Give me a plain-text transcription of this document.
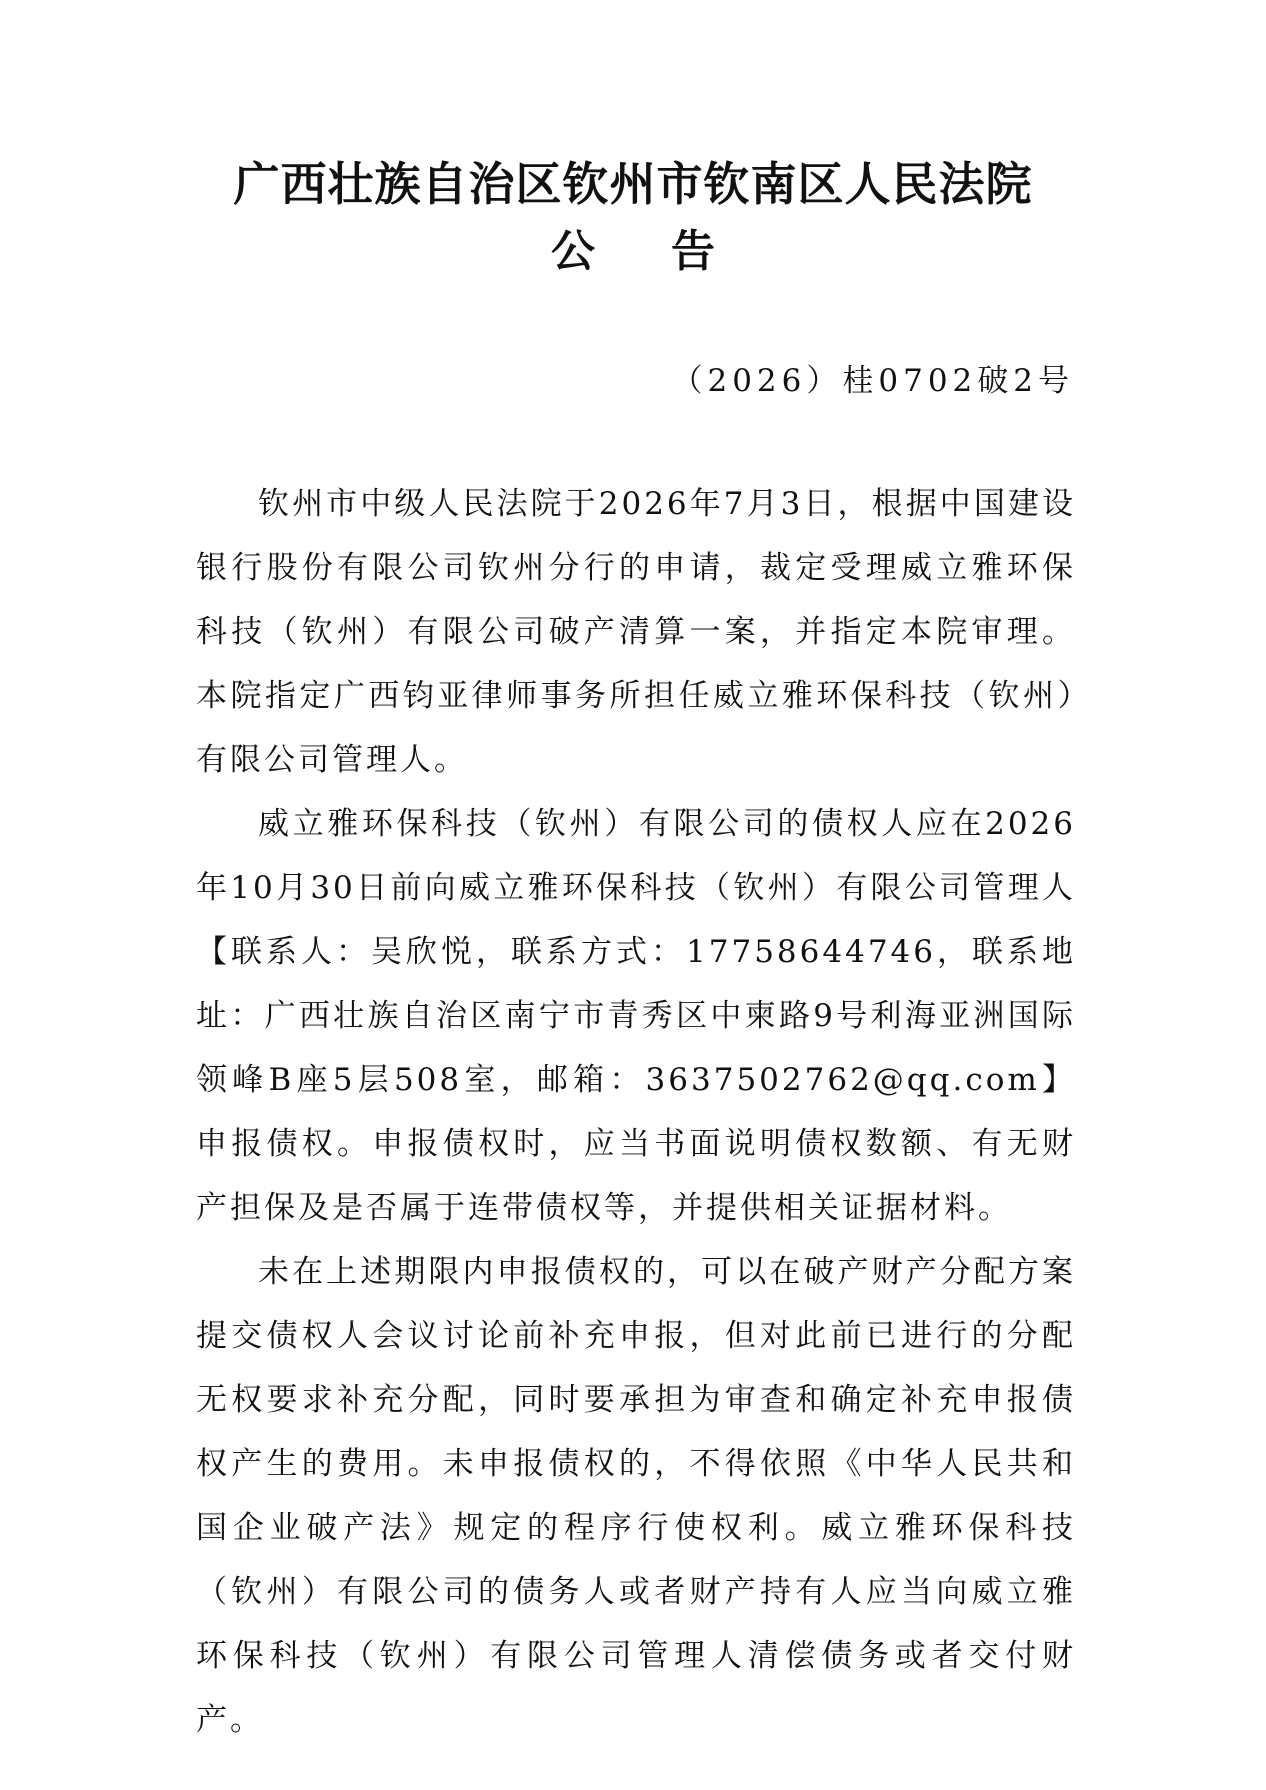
广西壮族自治区钦州市钦南区人民法院
公 告
（2026）桂0702破2号

钦州市中级人民法院于2026年7月3日，根据中国建设银行股份有限公司钦州分行的申请，裁定受理威立雅环保科技（钦州）有限公司破产清算一案，并指定本院审理。本院指定广西钧亚律师事务所担任威立雅环保科技（钦州）有限公司管理人。

威立雅环保科技（钦州）有限公司的债权人应在2026年10月30日前向威立雅环保科技（钦州）有限公司管理人【联系人：吴欣悦，联系方式：17758644746，联系地址：广西壮族自治区南宁市青秀区中柬路9号利海亚洲国际领峰B座5层508室，邮箱：3637502762@qq.com】申报债权。申报债权时，应当书面说明债权数额、有无财产担保及是否属于连带债权等，并提供相关证据材料。

未在上述期限内申报债权的，可以在破产财产分配方案提交债权人会议讨论前补充申报，但对此前已进行的分配无权要求补充分配，同时要承担为审查和确定补充申报债权产生的费用。未申报债权的，不得依照《中华人民共和国企业破产法》规定的程序行使权利。威立雅环保科技（钦州）有限公司的债务人或者财产持有人应当向威立雅环保科技（钦州）有限公司管理人清偿债务或者交付财产。
